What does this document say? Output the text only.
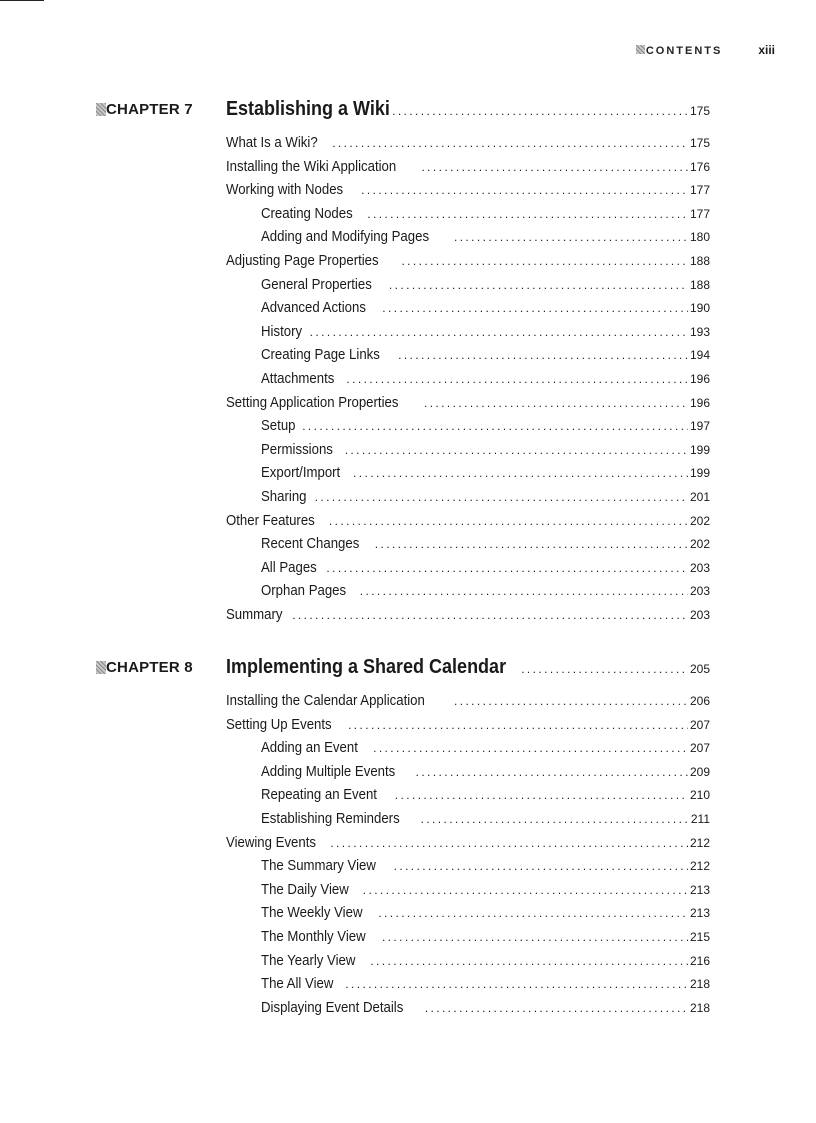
CONTENTS	xiii
CHAPTER 7 Establishing a Wiki .....	175
What Is a Wiki? .....	175
Installing the Wiki Application .....	176
Working with Nodes .....	177
Creating Nodes .....	177
Adding and Modifying Pages .....	180
Adjusting Page Properties .....	188
General Properties .....	188
Advanced Actions .....	190
History .....	193
Creating Page Links .....	194
Attachments .....	196
Setting Application Properties .....	196
Setup .....	197
Permissions .....	199
Export/Import .....	199
Sharing .....	201
Other Features .....	202
Recent Changes .....	202
All Pages .....	203
Orphan Pages .....	203
Summary .....	203
CHAPTER 8 Implementing a Shared Calendar .....	205
Installing the Calendar Application .....	206
Setting Up Events .....	207
Adding an Event .....	207
Adding Multiple Events .....	209
Repeating an Event .....	210
Establishing Reminders .....	211
Viewing Events .....	212
The Summary View .....	212
The Daily View .....	213
The Weekly View .....	213
The Monthly View .....	215
The Yearly View .....	216
The All View .....	218
Displaying Event Details .....	218
